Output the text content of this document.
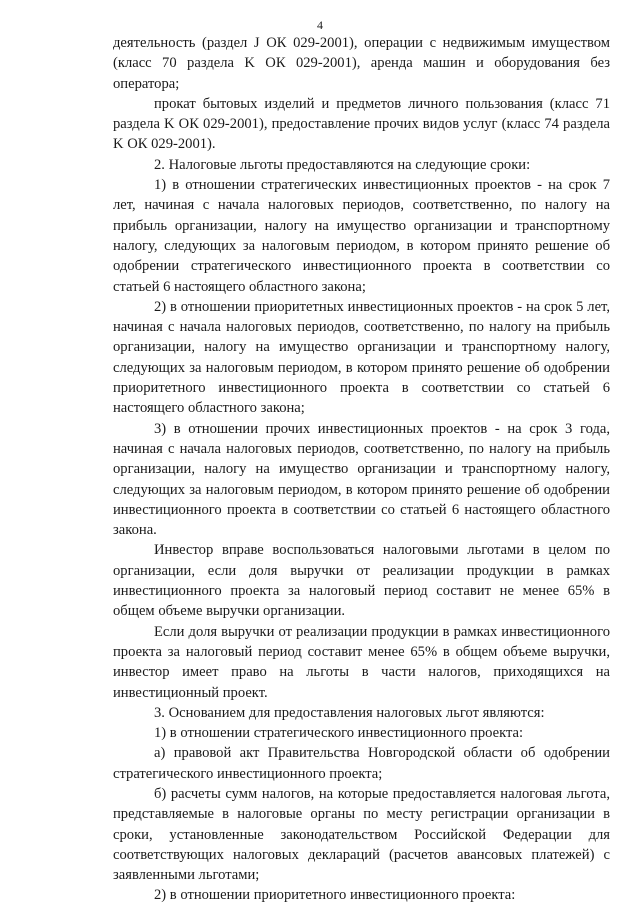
4

деятельность (раздел J ОК 029-2001), операции с недвижимым имуществом (класс 70 раздела K ОК 029-2001), аренда машин и оборудования без оператора;

прокат бытовых изделий и предметов личного пользования (класс 71 раздела K ОК 029-2001), предоставление прочих видов услуг (класс 74 раздела K ОК 029-2001).

2. Налоговые льготы предоставляются на следующие сроки:

1) в отношении стратегических инвестиционных проектов - на срок 7 лет, начиная с начала налоговых периодов, соответственно, по налогу на прибыль организации, налогу на имущество организации и транспортному налогу, следующих за налоговым периодом, в котором принято решение об одобрении стратегического инвестиционного проекта в соответствии со статьей 6 настоящего областного закона;

2) в отношении приоритетных инвестиционных проектов - на срок 5 лет, начиная с начала налоговых периодов, соответственно, по налогу на прибыль организации, налогу на имущество организации и транспортному налогу, следующих за налоговым периодом, в котором принято решение об одобрении приоритетного инвестиционного проекта в соответствии со статьей 6 настоящего областного закона;

3) в отношении прочих инвестиционных проектов - на срок 3 года, начиная с начала налоговых периодов, соответственно, по налогу на прибыль организации, налогу на имущество организации и транспортному налогу, следующих за налоговым периодом, в котором принято решение об одобрении инвестиционного проекта в соответствии со статьей 6 настоящего областного закона.

Инвестор вправе воспользоваться налоговыми льготами в целом по организации, если доля выручки от реализации продукции в рамках инвестиционного проекта за налоговый период составит не менее 65% в общем объеме выручки организации.

Если доля выручки от реализации продукции в рамках инвестиционного проекта за налоговый период составит менее 65% в общем объеме выручки, инвестор имеет право на льготы в части налогов, приходящихся на инвестиционный проект.

3. Основанием для предоставления налоговых льгот являются:

1) в отношении стратегического инвестиционного проекта:

а) правовой акт Правительства Новгородской области об одобрении стратегического инвестиционного проекта;

б) расчеты сумм налогов, на которые предоставляется налоговая льгота, представляемые в налоговые органы по месту регистрации организации в сроки, установленные законодательством Российской Федерации для соответствующих налоговых деклараций (расчетов авансовых платежей) с заявленными льготами;

2) в отношении приоритетного инвестиционного проекта:
